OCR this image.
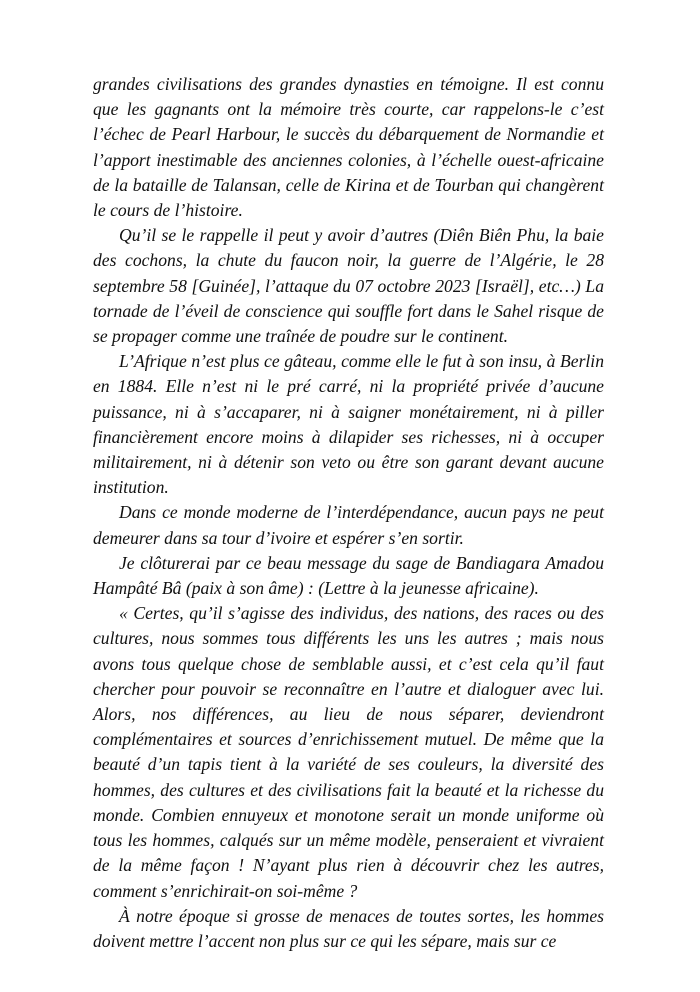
grandes civilisations des grandes dynasties en témoigne. Il est connu que les gagnants ont la mémoire très courte, car rappelons-le c’est l’échec de Pearl Harbour, le succès du débarquement de Normandie et l’apport inestimable des anciennes colonies, à l’échelle ouest-africaine de la bataille de Talansan, celle de Kirina et de Tourban qui changèrent le cours de l’histoire.

Qu’il se le rappelle il peut y avoir d’autres (Diên Biên Phu, la baie des cochons, la chute du faucon noir, la guerre de l’Algérie, le 28 septembre 58 [Guinée], l’attaque du 07 octobre 2023 [Israël], etc…) La tornade de l’éveil de conscience qui souffle fort dans le Sahel risque de se propager comme une traînée de poudre sur le continent.

L’Afrique n’est plus ce gâteau, comme elle le fut à son insu, à Berlin en 1884. Elle n’est ni le pré carré, ni la propriété privée d’aucune puissance, ni à s’accaparer, ni à saigner monétairement, ni à piller financièrement encore moins à dilapider ses richesses, ni à occuper militairement, ni à détenir son veto ou être son garant devant aucune institution.

Dans ce monde moderne de l’interdépendance, aucun pays ne peut demeurer dans sa tour d’ivoire et espérer s’en sortir.

Je clôturerai par ce beau message du sage de Bandiagara Amadou Hampâté Bâ (paix à son âme) : (Lettre à la jeunesse africaine).

« Certes, qu’il s’agisse des individus, des nations, des races ou des cultures, nous sommes tous différents les uns les autres ; mais nous avons tous quelque chose de semblable aussi, et c’est cela qu’il faut chercher pour pouvoir se reconnaître en l’autre et dialoguer avec lui. Alors, nos différences, au lieu de nous séparer, deviendront complémentaires et sources d’enrichissement mutuel. De même que la beauté d’un tapis tient à la variété de ses couleurs, la diversité des hommes, des cultures et des civilisations fait la beauté et la richesse du monde. Combien ennuyeux et monotone serait un monde uniforme où tous les hommes, calqués sur un même modèle, penseraient et vivraient de la même façon ! N’ayant plus rien à découvrir chez les autres, comment s’enrichirait-on soi-même ?

À notre époque si grosse de menaces de toutes sortes, les hommes doivent mettre l’accent non plus sur ce qui les sépare, mais sur ce
